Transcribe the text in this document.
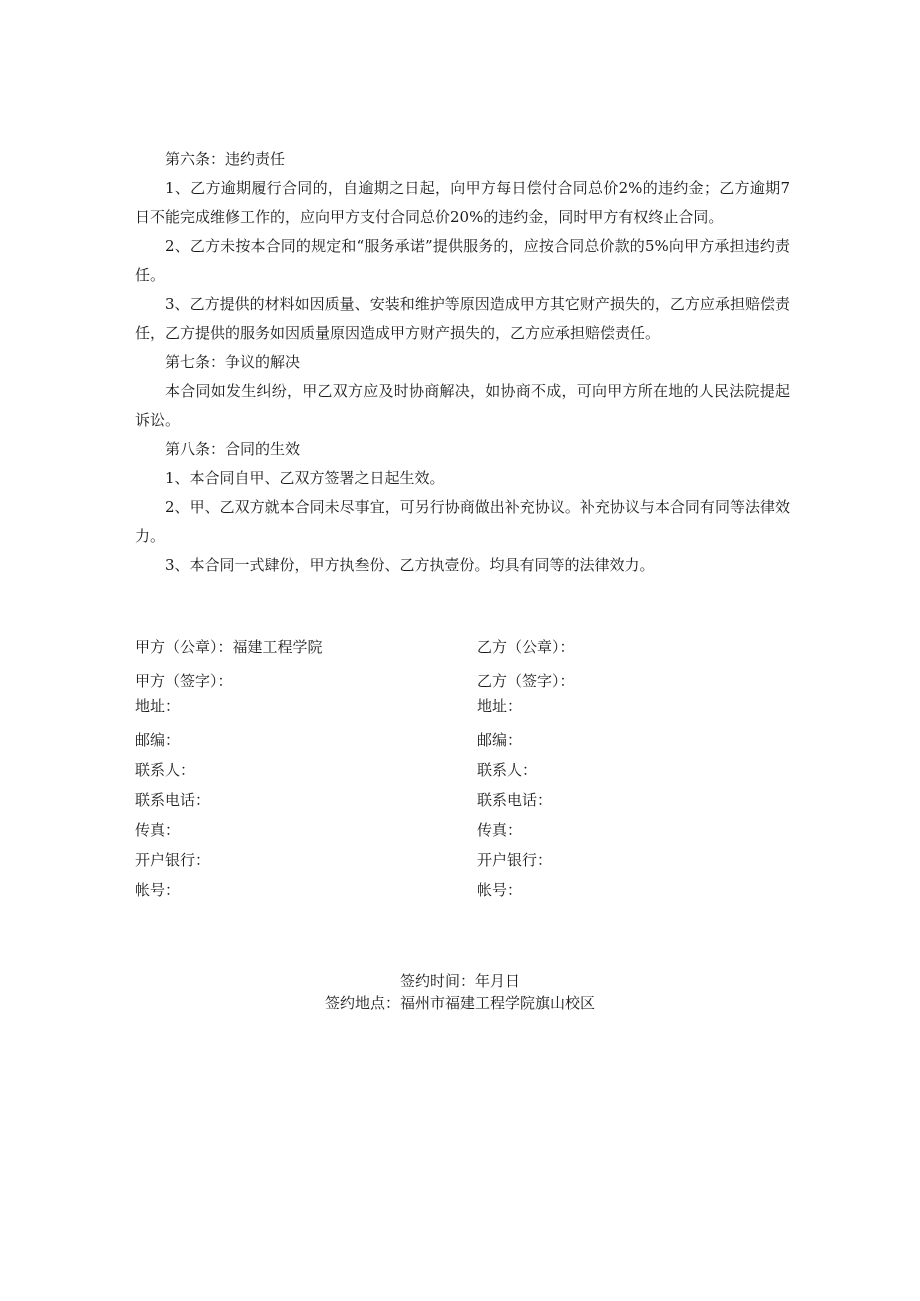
第六条：违约责任

1、乙方逾期履行合同的，自逾期之日起，向甲方每日偿付合同总价2%的违约金；乙方逾期7日不能完成维修工作的，应向甲方支付合同总价20%的违约金，同时甲方有权终止合同。

2、乙方未按本合同的规定和“服务承诺”提供服务的，应按合同总价款的5%向甲方承担违约责任。

3、乙方提供的材料如因质量、安装和维护等原因造成甲方其它财产损失的，乙方应承担赔偿责任，乙方提供的服务如因质量原因造成甲方财产损失的，乙方应承担赔偿责任。

第七条：争议的解决

本合同如发生纠纷，甲乙双方应及时协商解决，如协商不成，可向甲方所在地的人民法院提起诉讼。

第八条：合同的生效

1、本合同自甲、乙双方签署之日起生效。

2、甲、乙双方就本合同未尽事宜，可另行协商做出补充协议。补充协议与本合同有同等法律效力。

3、本合同一式肆份，甲方执叁份、乙方执壹份。均具有同等的法律效力。

甲方（公章）：福建工程学院	乙方（公章）：
甲方（签字）：	乙方（签字）：
地址：	地址：
邮编：	邮编：
联系人：	联系人：
联系电话：	联系电话：
传真：	传真：
开户银行：	开户银行：
帐号：	帐号：
签约时间：年月日
签约地点：福州市福建工程学院旗山校区
